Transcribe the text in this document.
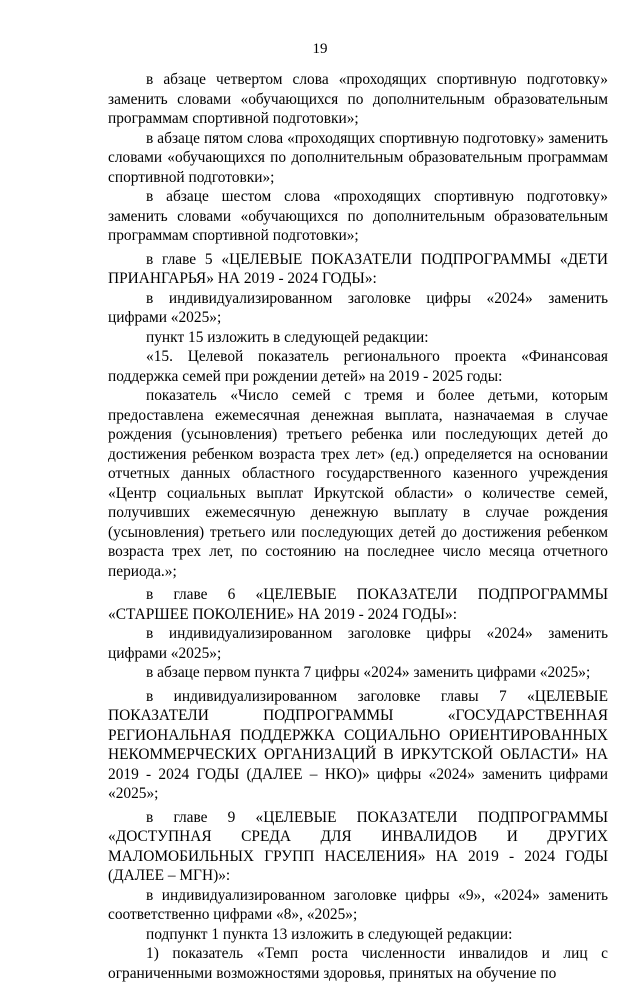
19

в абзаце четвертом слова «проходящих спортивную подготовку» заменить словами «обучающихся по дополнительным образовательным программам спортивной подготовки»;

в абзаце пятом слова «проходящих спортивную подготовку» заменить словами «обучающихся по дополнительным образовательным программам спортивной подготовки»;

в абзаце шестом слова «проходящих спортивную подготовку» заменить словами «обучающихся по дополнительным образовательным программам спортивной подготовки»;

в главе 5 «ЦЕЛЕВЫЕ ПОКАЗАТЕЛИ ПОДПРОГРАММЫ «ДЕТИ ПРИАНГАРЬЯ» НА 2019 - 2024 ГОДЫ»:

в индивидуализированном заголовке цифры «2024» заменить цифрами «2025»;

пункт 15 изложить в следующей редакции:

«15. Целевой показатель регионального проекта «Финансовая поддержка семей при рождении детей» на 2019 - 2025 годы:

показатель «Число семей с тремя и более детьми, которым предоставлена ежемесячная денежная выплата, назначаемая в случае рождения (усыновления) третьего ребенка или последующих детей до достижения ребенком возраста трех лет» (ед.) определяется на основании отчетных данных областного государственного казенного учреждения «Центр социальных выплат Иркутской области» о количестве семей, получивших ежемесячную денежную выплату в случае рождения (усыновления) третьего или последующих детей до достижения ребенком возраста трех лет, по состоянию на последнее число месяца отчетного периода.»;

в главе 6 «ЦЕЛЕВЫЕ ПОКАЗАТЕЛИ ПОДПРОГРАММЫ «СТАРШЕЕ ПОКОЛЕНИЕ» НА 2019 - 2024 ГОДЫ»:

в индивидуализированном заголовке цифры «2024» заменить цифрами «2025»;

в абзаце первом пункта 7 цифры «2024» заменить цифрами «2025»;

в индивидуализированном заголовке главы 7 «ЦЕЛЕВЫЕ ПОКАЗАТЕЛИ ПОДПРОГРАММЫ «ГОСУДАРСТВЕННАЯ РЕГИОНАЛЬНАЯ ПОДДЕРЖКА СОЦИАЛЬНО ОРИЕНТИРОВАННЫХ НЕКОММЕРЧЕСКИХ ОРГАНИЗАЦИЙ В ИРКУТСКОЙ ОБЛАСТИ» НА 2019 - 2024 ГОДЫ (ДАЛЕЕ – НКО)» цифры «2024» заменить цифрами «2025»;

в главе 9 «ЦЕЛЕВЫЕ ПОКАЗАТЕЛИ ПОДПРОГРАММЫ «ДОСТУПНАЯ СРЕДА ДЛЯ ИНВАЛИДОВ И ДРУГИХ МАЛОМОБИЛЬНЫХ ГРУПП НАСЕЛЕНИЯ» НА 2019 - 2024 ГОДЫ (ДАЛЕЕ – МГН)»:

в индивидуализированном заголовке цифры «9», «2024» заменить соответственно цифрами «8», «2025»;

подпункт 1 пункта 13 изложить в следующей редакции:

1) показатель «Темп роста численности инвалидов и лиц с ограниченными возможностями здоровья, принятых на обучение по
